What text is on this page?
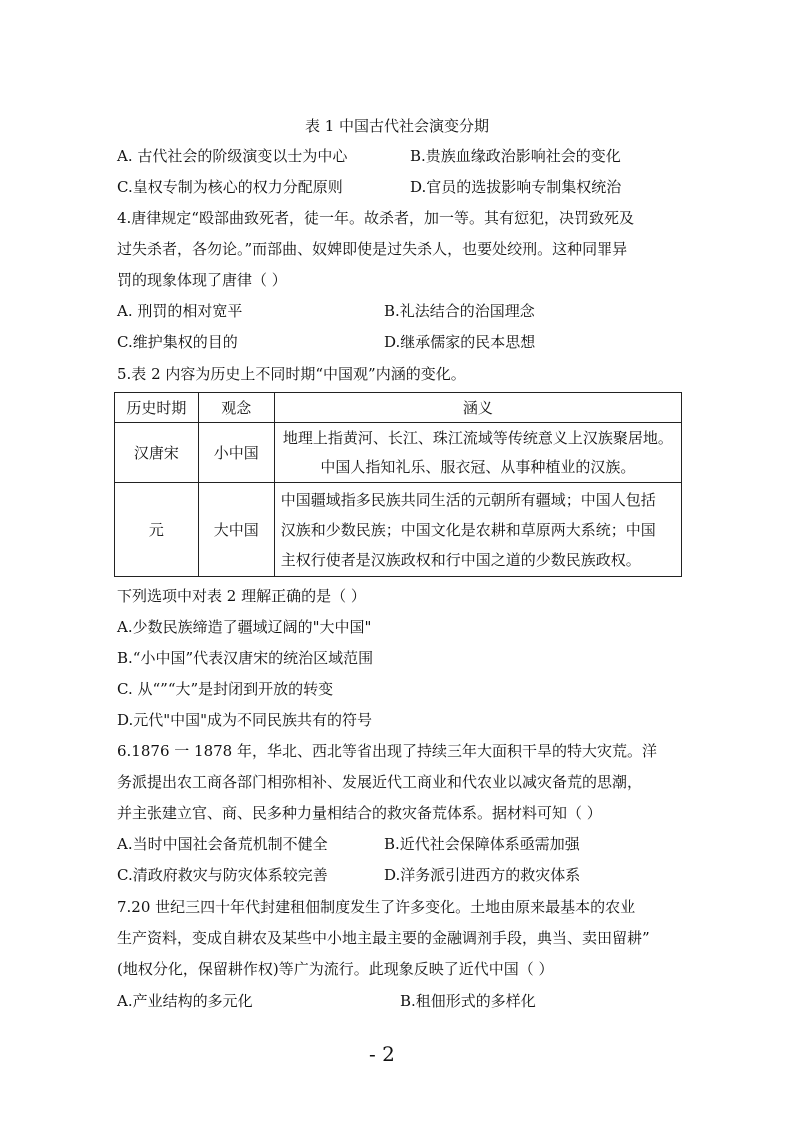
表 1 中国古代社会演变分期
A. 古代社会的阶级演变以士为中心	B.贵族血缘政治影响社会的变化
C.皇权专制为核心的权力分配原则	D.官员的选拔影响专制集权统治
4.唐律规定“殴部曲致死者，徒一年。故杀者，加一等。其有愆犯，决罚致死及
过失杀者，各勿论。”而部曲、奴婢即使是过失杀人，也要处绞刑。这种同罪异
罚的现象体现了唐律（ ）
A. 刑罚的相对宽平	B.礼法结合的治国理念
C.维护集权的目的	D.继承儒家的民本思想
5.表 2 内容为历史上不同时期“中国观”内涵的变化。
历史时期	观念	涵义
汉唐宋	小中国	地理上指黄河、长江、珠江流域等传统意义上汉族聚居地。
中国人指知礼乐、服衣冠、从事种植业的汉族。

元	大中国	中国疆域指多民族共同生活的元朝所有疆域；中国人包括
汉族和少数民族；中国文化是农耕和草原两大系统；中国
主权行使者是汉族政权和行中国之道的少数民族政权。
下列选项中对表 2 理解正确的是（ ）
A.少数民族缔造了疆域辽阔的"大中国"
B.“小中国”代表汉唐宋的统治区域范围
C. 从“”“大”是封闭到开放的转变
D.元代"中国"成为不同民族共有的符号
6.1876 一 1878 年，华北、西北等省出现了持续三年大面积干旱的特大灾荒。洋
务派提出农工商各部门相弥相补、发展近代工商业和代农业以减灾备荒的思潮，
并主张建立官、商、民多种力量相结合的救灾备荒体系。据材料可知（ ）
A.当时中国社会备荒机制不健全	B.近代社会保障体系亟需加强
C.清政府救灾与防灾体系较完善	D.洋务派引进西方的救灾体系
7.20 世纪三四十年代封建租佃制度发生了许多变化。土地由原来最基本的农业
生产资料，变成自耕农及某些中小地主最主要的金融调剂手段，典当、卖田留耕”
(地权分化，保留耕作权)等广为流行。此现象反映了近代中国（ ）
A.产业结构的多元化	B.租佃形式的多样化
- 2
